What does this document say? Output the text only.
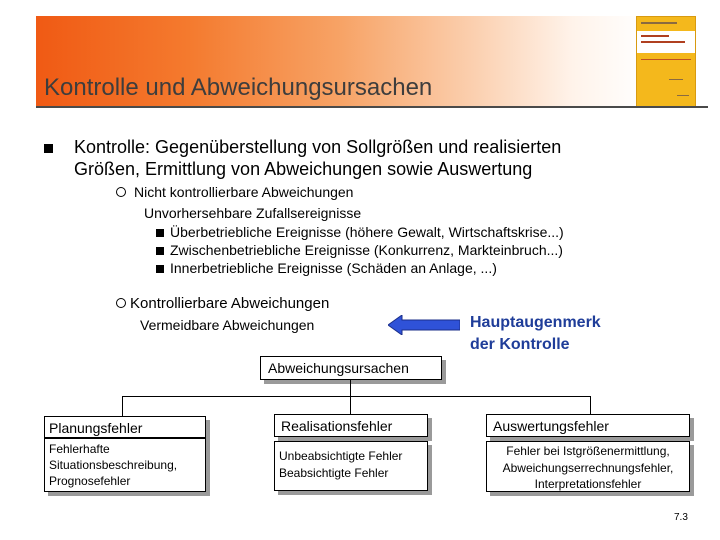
Kontrolle und Abweichungsursachen
Kontrolle: Gegenüberstellung von Sollgrößen und realisierten
Größen, Ermittlung von Abweichungen sowie Auswertung
Nicht kontrollierbare Abweichungen
Unvorhersehbare Zufallsereignisse
Überbetriebliche Ereignisse (höhere Gewalt, Wirtschaftskrise...)
Zwischenbetriebliche Ereignisse (Konkurrenz, Markteinbruch...)
Innerbetriebliche Ereignisse (Schäden an Anlage, ...)
Kontrollierbare Abweichungen
Vermeidbare Abweichungen	Hauptaugenmerk
der Kontrolle
Abweichungsursachen
Planungsfehler
Fehlerhafte
Situationsbeschreibung,
Prognosefehler
Realisationsfehler
Unbeabsichtigte Fehler
Beabsichtigte Fehler
Auswertungsfehler
Fehler bei Istgrößenermittlung,
Abweichungserrechnungsfehler,
Interpretationsfehler
7.3
